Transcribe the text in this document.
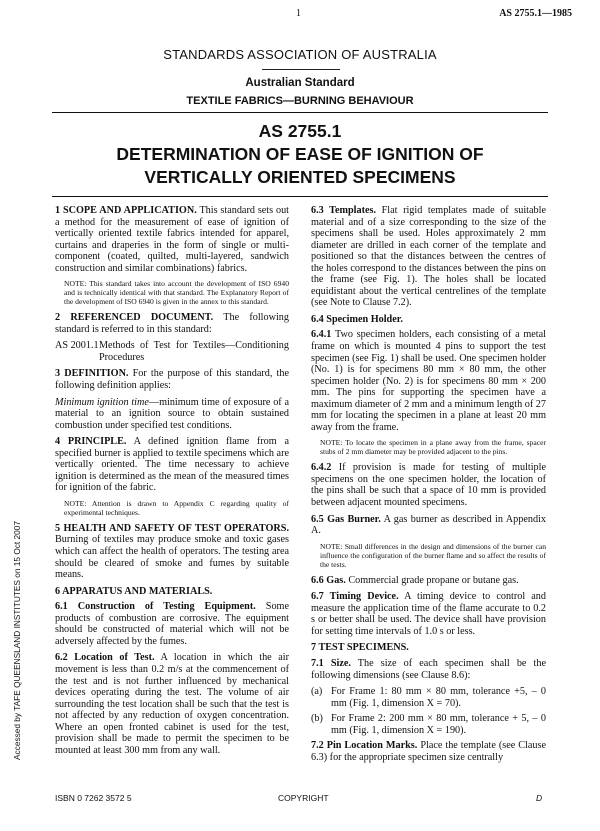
1	AS 2755.1—1985
STANDARDS ASSOCIATION OF AUSTRALIA
Australian Standard
TEXTILE FABRICS—BURNING BEHAVIOUR
AS 2755.1
DETERMINATION OF EASE OF IGNITION OF
VERTICALLY ORIENTED SPECIMENS

1 SCOPE AND APPLICATION. This standard sets out a method for the measurement of ease of ignition of vertically oriented textile fabrics intended for apparel, curtains and draperies in the form of single or multi-component (coated, quilted, multi-layered, sandwich construction and similar combinations) fabrics.

NOTE: This standard takes into account the development of ISO 6940 and is technically identical with that standard. The Explanatory Report of the development of ISO 6940 is given in the annex to this standard.

2 REFERENCED DOCUMENT. The following standard is referred to in this standard:

AS 2001.1 Methods of Test for Textiles—Conditioning Procedures

3 DEFINITION. For the purpose of this standard, the following definition applies:

Minimum ignition time—minimum time of exposure of a material to an ignition source to obtain sustained combustion under specified test conditions.

4 PRINCIPLE. A defined ignition flame from a specified burner is applied to textile specimens which are vertically oriented. The time necessary to achieve ignition is determined as the mean of the measured times for ignition of the fabric.

NOTE: Attention is drawn to Appendix C regarding quality of experimental techniques.

5 HEALTH AND SAFETY OF TEST OPERATORS. Burning of textiles may produce smoke and toxic gases which can affect the health of operators. The testing area should be cleared of smoke and fumes by suitable means.

6 APPARATUS AND MATERIALS.

6.1 Construction of Testing Equipment. Some products of combustion are corrosive. The equipment should be constructed of material which will not be adversely affected by the fumes.

6.2 Location of Test. A location in which the air movement is less than 0.2 m/s at the commencement of the test and is not further influenced by mechanical devices operating during the test. The volume of air surrounding the test location shall be such that the test is not affected by any reduction of oxygen concentration. Where an open fronted cabinet is used for the test, provision shall be made to permit the specimen to be mounted at least 300 mm from any wall.

6.3 Templates. Flat rigid templates made of suitable material and of a size corresponding to the size of the specimens shall be used. Holes approximately 2 mm diameter are drilled in each corner of the template and positioned so that the distances between the centres of the holes correspond to the distances between the pins on the frame (see Fig. 1). The holes shall be located equidistant about the vertical centrelines of the template (see Note to Clause 7.2).

6.4 Specimen Holder.

6.4.1 Two specimen holders, each consisting of a metal frame on which is mounted 4 pins to support the test specimen (see Fig. 1) shall be used. One specimen holder (No. 1) is for specimens 80 mm × 80 mm, the other specimen holder (No. 2) is for specimens 80 mm × 200 mm. The pins for supporting the specimen have a maximum diameter of 2 mm and a minimum length of 27 mm for locating the specimen in a plane at least 20 mm away from the frame.

NOTE: To locate the specimen in a plane away from the frame, spacer stubs of 2 mm diameter may be provided adjacent to the pins.

6.4.2 If provision is made for testing of multiple specimens on the one specimen holder, the location of the pins shall be such that a space of 10 mm is provided between adjacent mounted specimens.

6.5 Gas Burner. A gas burner as described in Appendix A.

NOTE: Small differences in the design and dimensions of the burner can influence the configuration of the burner flame and so affect the results of the tests.

6.6 Gas. Commercial grade propane or butane gas.

6.7 Timing Device. A timing device to control and measure the application time of the flame accurate to 0.2 s or better shall be used. The device shall have provision for setting time intervals of 1.0 s or less.

7 TEST SPECIMENS.

7.1 Size. The size of each specimen shall be the following dimensions (see Clause 8.6):

(a) For Frame 1: 80 mm × 80 mm, tolerance +5, – 0 mm (Fig. 1, dimension X = 70).
(b) For Frame 2: 200 mm × 80 mm, tolerance + 5, – 0 mm (Fig. 1, dimension X = 190).

7.2 Pin Location Marks. Place the template (see Clause 6.3) for the appropriate specimen size centrally

Accessed by TAFE QUEENSLAND INSTITUTES on 15 Oct 2007
ISBN 0 7262 3572 5	COPYRIGHT	D
